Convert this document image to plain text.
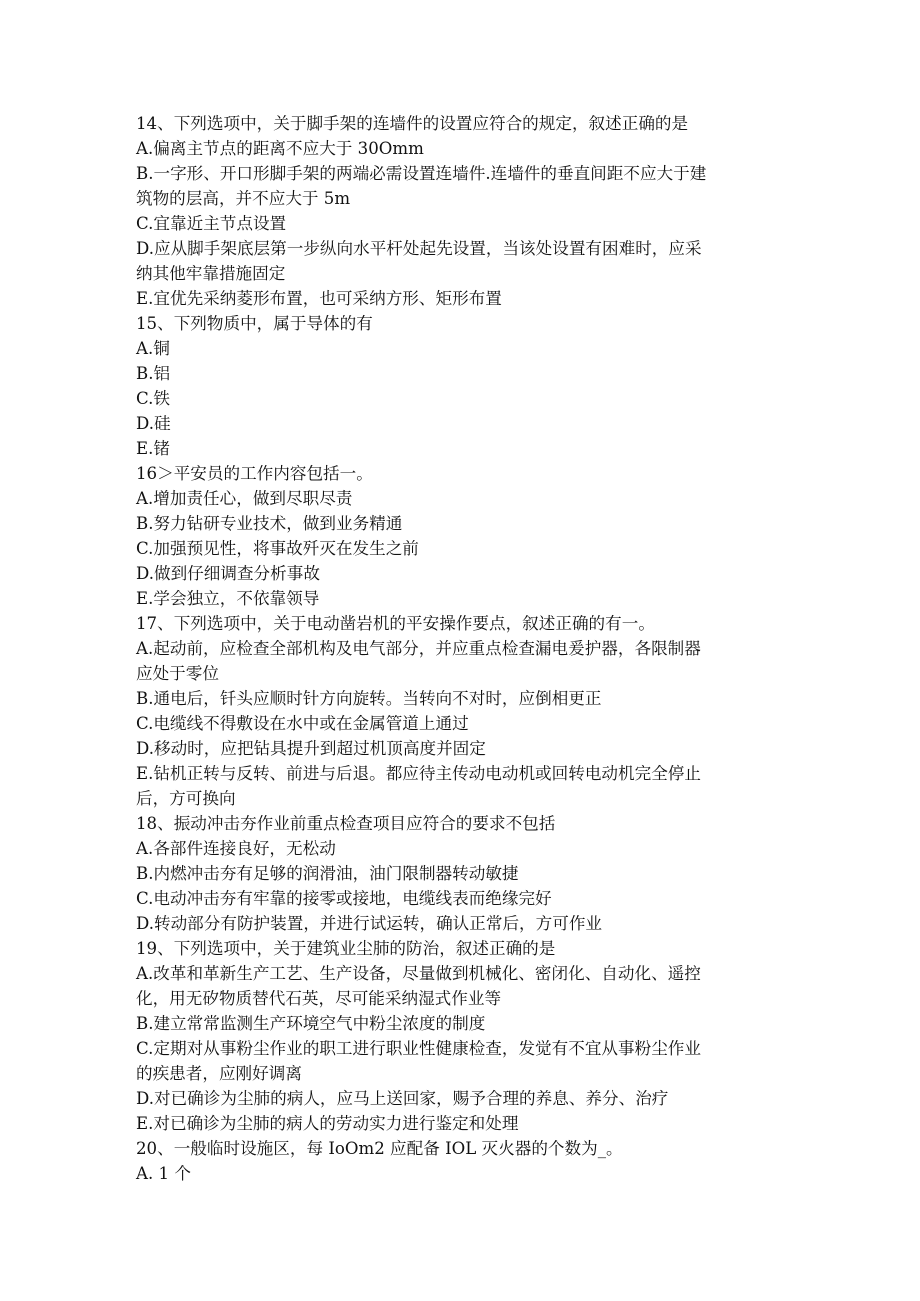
14、下列选项中，关于脚手架的连墙件的设置应符合的规定，叙述正确的是
A.偏离主节点的距离不应大于 30Omm
B.一字形、开口形脚手架的两端必需设置连墙件.连墙件的垂直间距不应大于建
筑物的层高，并不应大于 5m
C.宜靠近主节点设置
D.应从脚手架底层第一步纵向水平杆处起先设置，当该处设置有困难时，应采
纳其他牢靠措施固定
E.宜优先采纳菱形布置，也可采纳方形、矩形布置
15、下列物质中，属于导体的有
A.铜
B.铝
C.铁
D.硅
E.锗
16＞平安员的工作内容包括一。
A.增加责任心，做到尽职尽责
B.努力钻研专业技术，做到业务精通
C.加强预见性，将事故歼灭在发生之前
D.做到仔细调查分析事故
E.学会独立，不依靠领导
17、下列选项中，关于电动凿岩机的平安操作要点，叙述正确的有一。
A.起动前，应检查全部机构及电气部分，并应重点检查漏电爰护器，各限制器
应处于零位
B.通电后，钎头应顺时针方向旋转。当转向不对时，应倒相更正
C.电缆线不得敷设在水中或在金属管道上通过
D.移动时，应把钻具提升到超过机顶高度并固定
E.钻机正转与反转、前进与后退。都应待主传动电动机或回转电动机完全停止
后，方可换向
18、振动冲击夯作业前重点检查项目应符合的要求不包括
A.各部件连接良好，无松动
B.内燃冲击夯有足够的润滑油，油门限制器转动敏捷
C.电动冲击夯有牢靠的接零或接地，电缆线表而绝缘完好
D.转动部分有防护装置，并进行试运转，确认正常后，方可作业
19、下列选项中，关于建筑业尘肺的防治，叙述正确的是
A.改革和革新生产工艺、生产设备，尽量做到机械化、密闭化、自动化、遥控
化，用无矽物质替代石英，尽可能采纳湿式作业等
B.建立常常监测生产环境空气中粉尘浓度的制度
C.定期对从事粉尘作业的职工进行职业性健康检查，发觉有不宜从事粉尘作业
的疾患者，应刚好调离
D.对已确诊为尘肺的病人，应马上送回家，赐予合理的养息、养分、治疗
E.对已确诊为尘肺的病人的劳动实力进行鉴定和处理
20、一般临时设施区，每 IoOm2 应配备 IOL 灭火器的个数为_。
A. 1 个
